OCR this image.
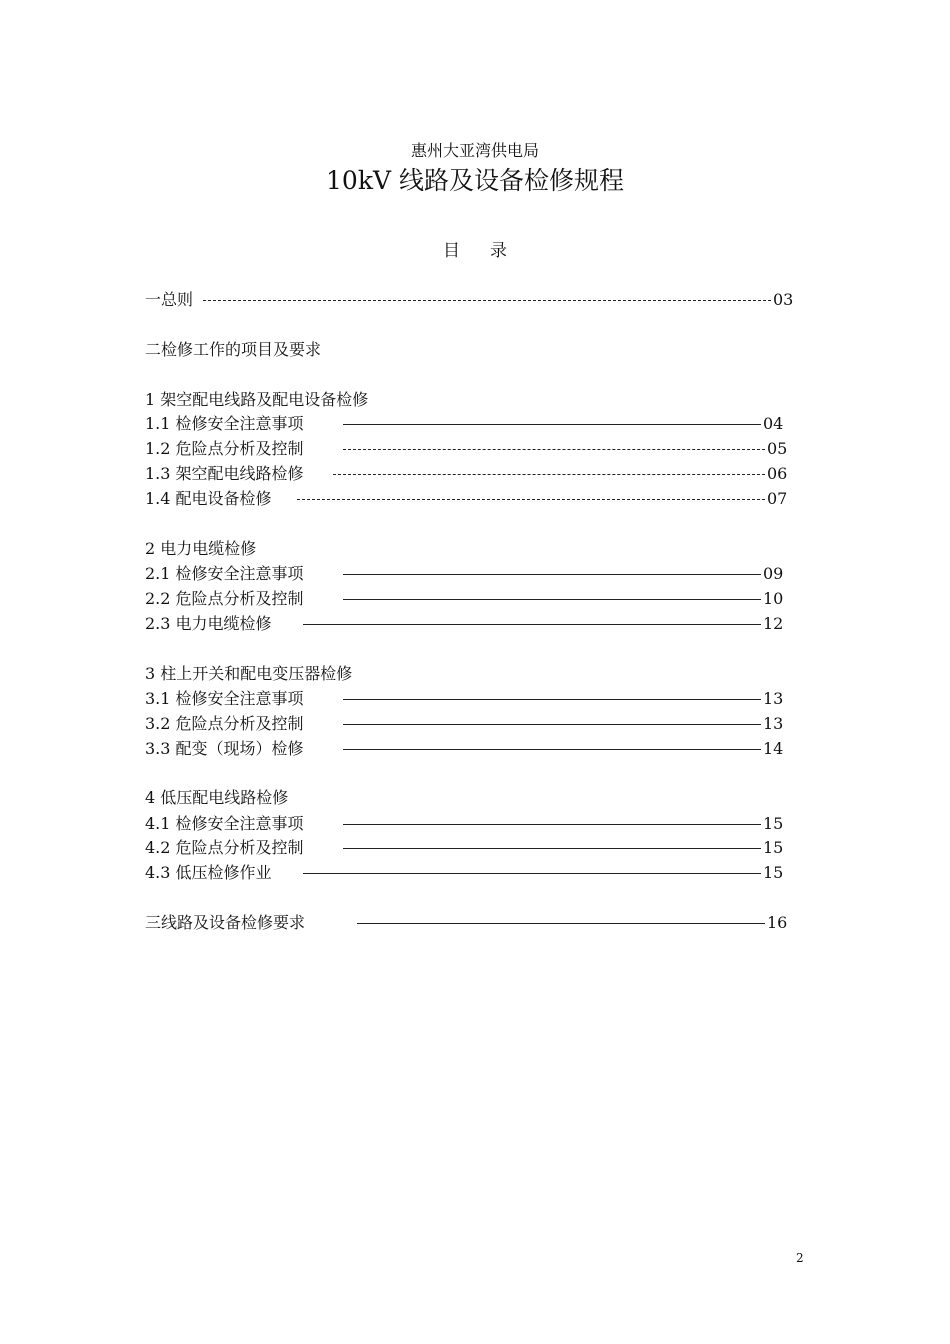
惠州大亚湾供电局
10kV 线路及设备检修规程
目录
一总则	03
二检修工作的项目及要求
1 架空配电线路及配电设备检修
1.1 检修安全注意事项	04
1.2 危险点分析及控制	05
1.3 架空配电线路检修	06
1.4 配电设备检修	07
2 电力电缆检修
2.1 检修安全注意事项	09
2.2 危险点分析及控制	10
2.3 电力电缆检修	12
3 柱上开关和配电变压器检修
3.1 检修安全注意事项	13
3.2 危险点分析及控制	13
3.3 配变（现场）检修	14
4 低压配电线路检修
4.1 检修安全注意事项	15
4.2 危险点分析及控制	15
4.3 低压检修作业	15
三线路及设备检修要求	16
2
